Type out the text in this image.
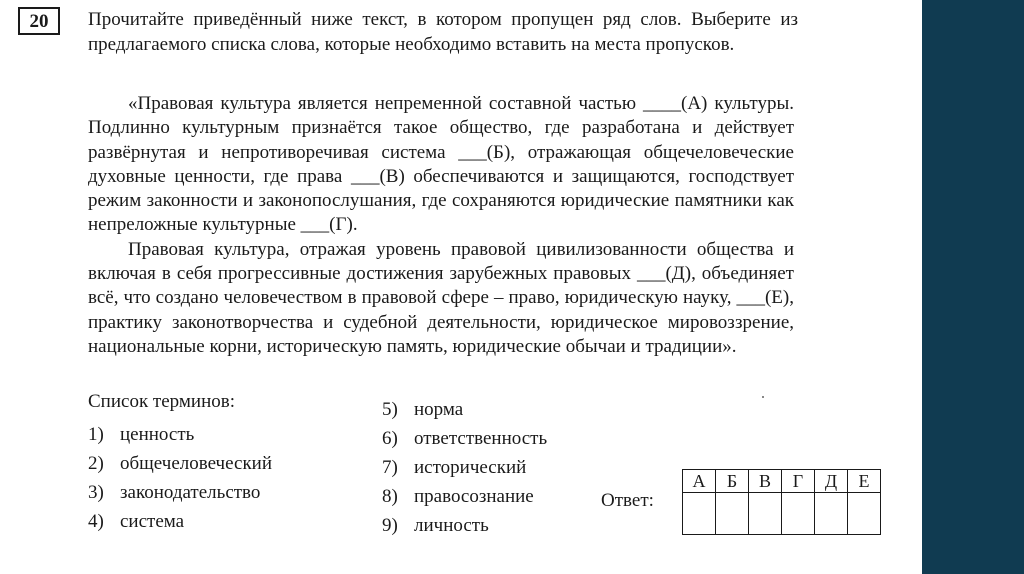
20	Прочитайте приведённый ниже текст, в котором пропущен ряд слов. Выберите из предлагаемого списка слова, которые необходимо вставить на места пропусков.

«Правовая культура является непременной составной частью ____(А) культуры. Подлинно культурным признаётся такое общество, где разработана и действует развёрнутая и непротиворечивая система ___(Б), отражающая общечеловеческие духовные ценности, где права ___(В) обеспечиваются и защищаются, господствует режим законности и законопослушания, где сохраняются юридические памятники как непреложные культурные ___(Г).

Правовая культура, отражая уровень правовой цивилизованности общества и включая в себя прогрессивные достижения зарубежных правовых ___(Д), объединяет всё, что создано человечеством в правовой сфере – право, юридическую науку, ___(Е), практику законотворчества и судебной деятельности, юридическое мировоззрение, национальные корни, историческую память, юридические обычаи и традиции».

Список терминов:
1) ценность
2) общечеловеческий
3) законодательство
4) система
5) норма
6) ответственность
7) исторический
8) правосознание
9) личность
Ответ:
А	Б	В	Г	Д	Е
